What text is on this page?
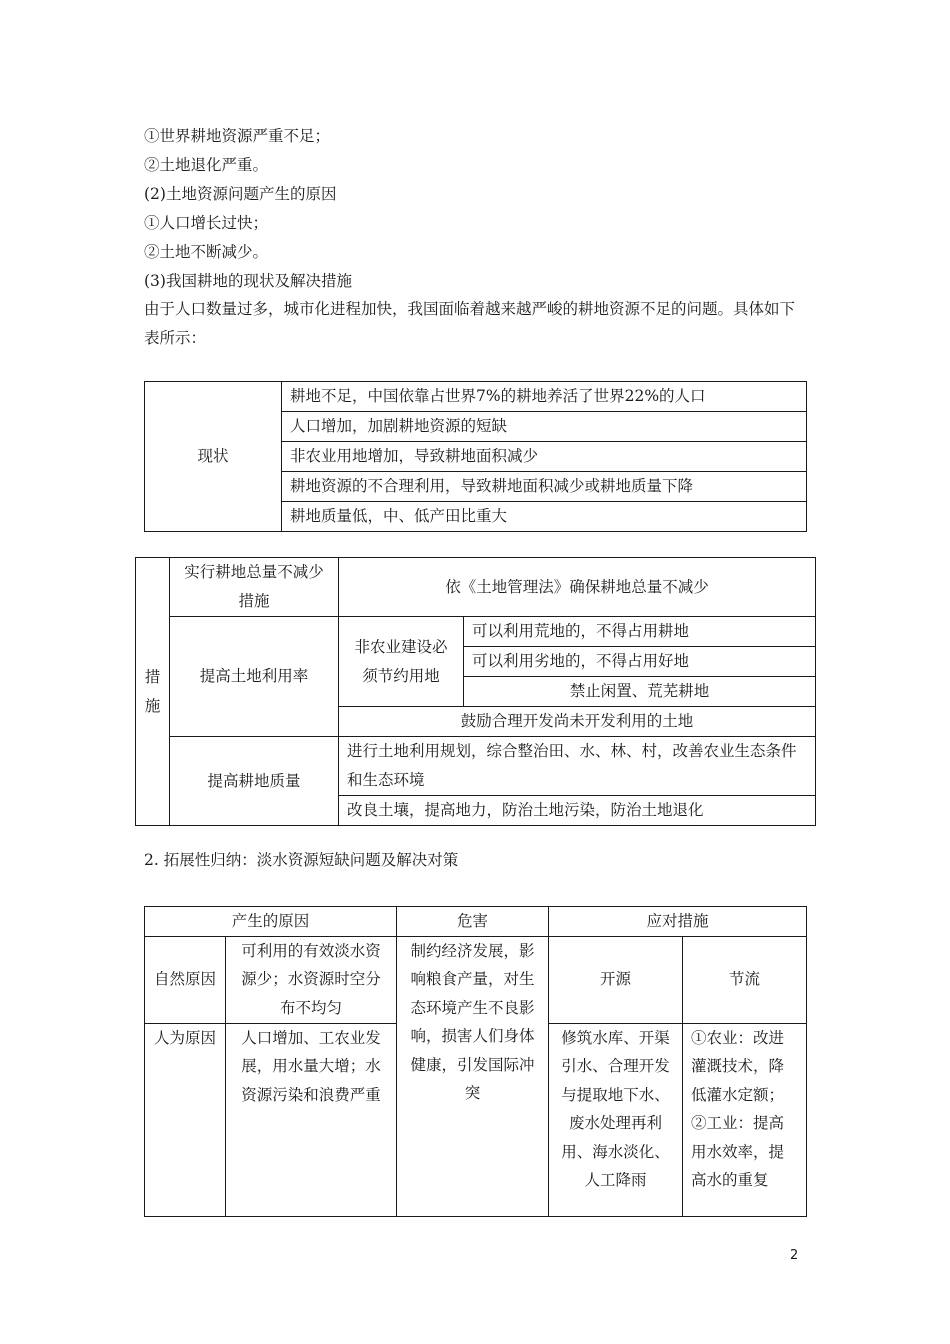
①世界耕地资源严重不足；
②土地退化严重。
(2)土地资源问题产生的原因
①人口增长过快；
②土地不断减少。
(3)我国耕地的现状及解决措施
由于人口数量过多，城市化进程加快，我国面临着越来越严峻的耕地资源不足的问题。具体如下表所示：
现状	耕地不足，中国依靠占世界7%的耕地养活了世界22%的人口
人口增加，加剧耕地资源的短缺
非农业用地增加，导致耕地面积减少
耕地资源的不合理利用，导致耕地面积减少或耕地质量下降
耕地质量低，中、低产田比重大
措施	实行耕地总量不减少措施	依《土地管理法》确保耕地总量不减少	
	提高土地利用率	非农业建设必须节约用地	可以利用荒地的，不得占用耕地
			可以利用劣地的，不得占用好地
			禁止闲置、荒芜耕地
		鼓励合理开发尚未开发利用的土地	
	提高耕地质量	进行土地利用规划，综合整治田、水、林、村，改善农业生态条件和生态环境	
		改良土壤，提高地力，防治土地污染，防治土地退化	
2. 拓展性归纳：淡水资源短缺问题及解决对策
产生的原因		危害	应对措施	
自然原因	可利用的有效淡水资源少；水资源时空分布不均匀	制约经济发展，影响粮食产量，对生态环境产生不良影响，损害人们身体健康，引发国际冲突	开源	节流
人为原因	人口增加、工农业发展，用水量大增；水资源污染和浪费严重		修筑水库、开渠引水、合理开发与提取地下水、废水处理再利用、海水淡化、人工降雨	①农业：改进灌溉技术，降低灌水定额；②工业：提高用水效率，提高水的重复
2
